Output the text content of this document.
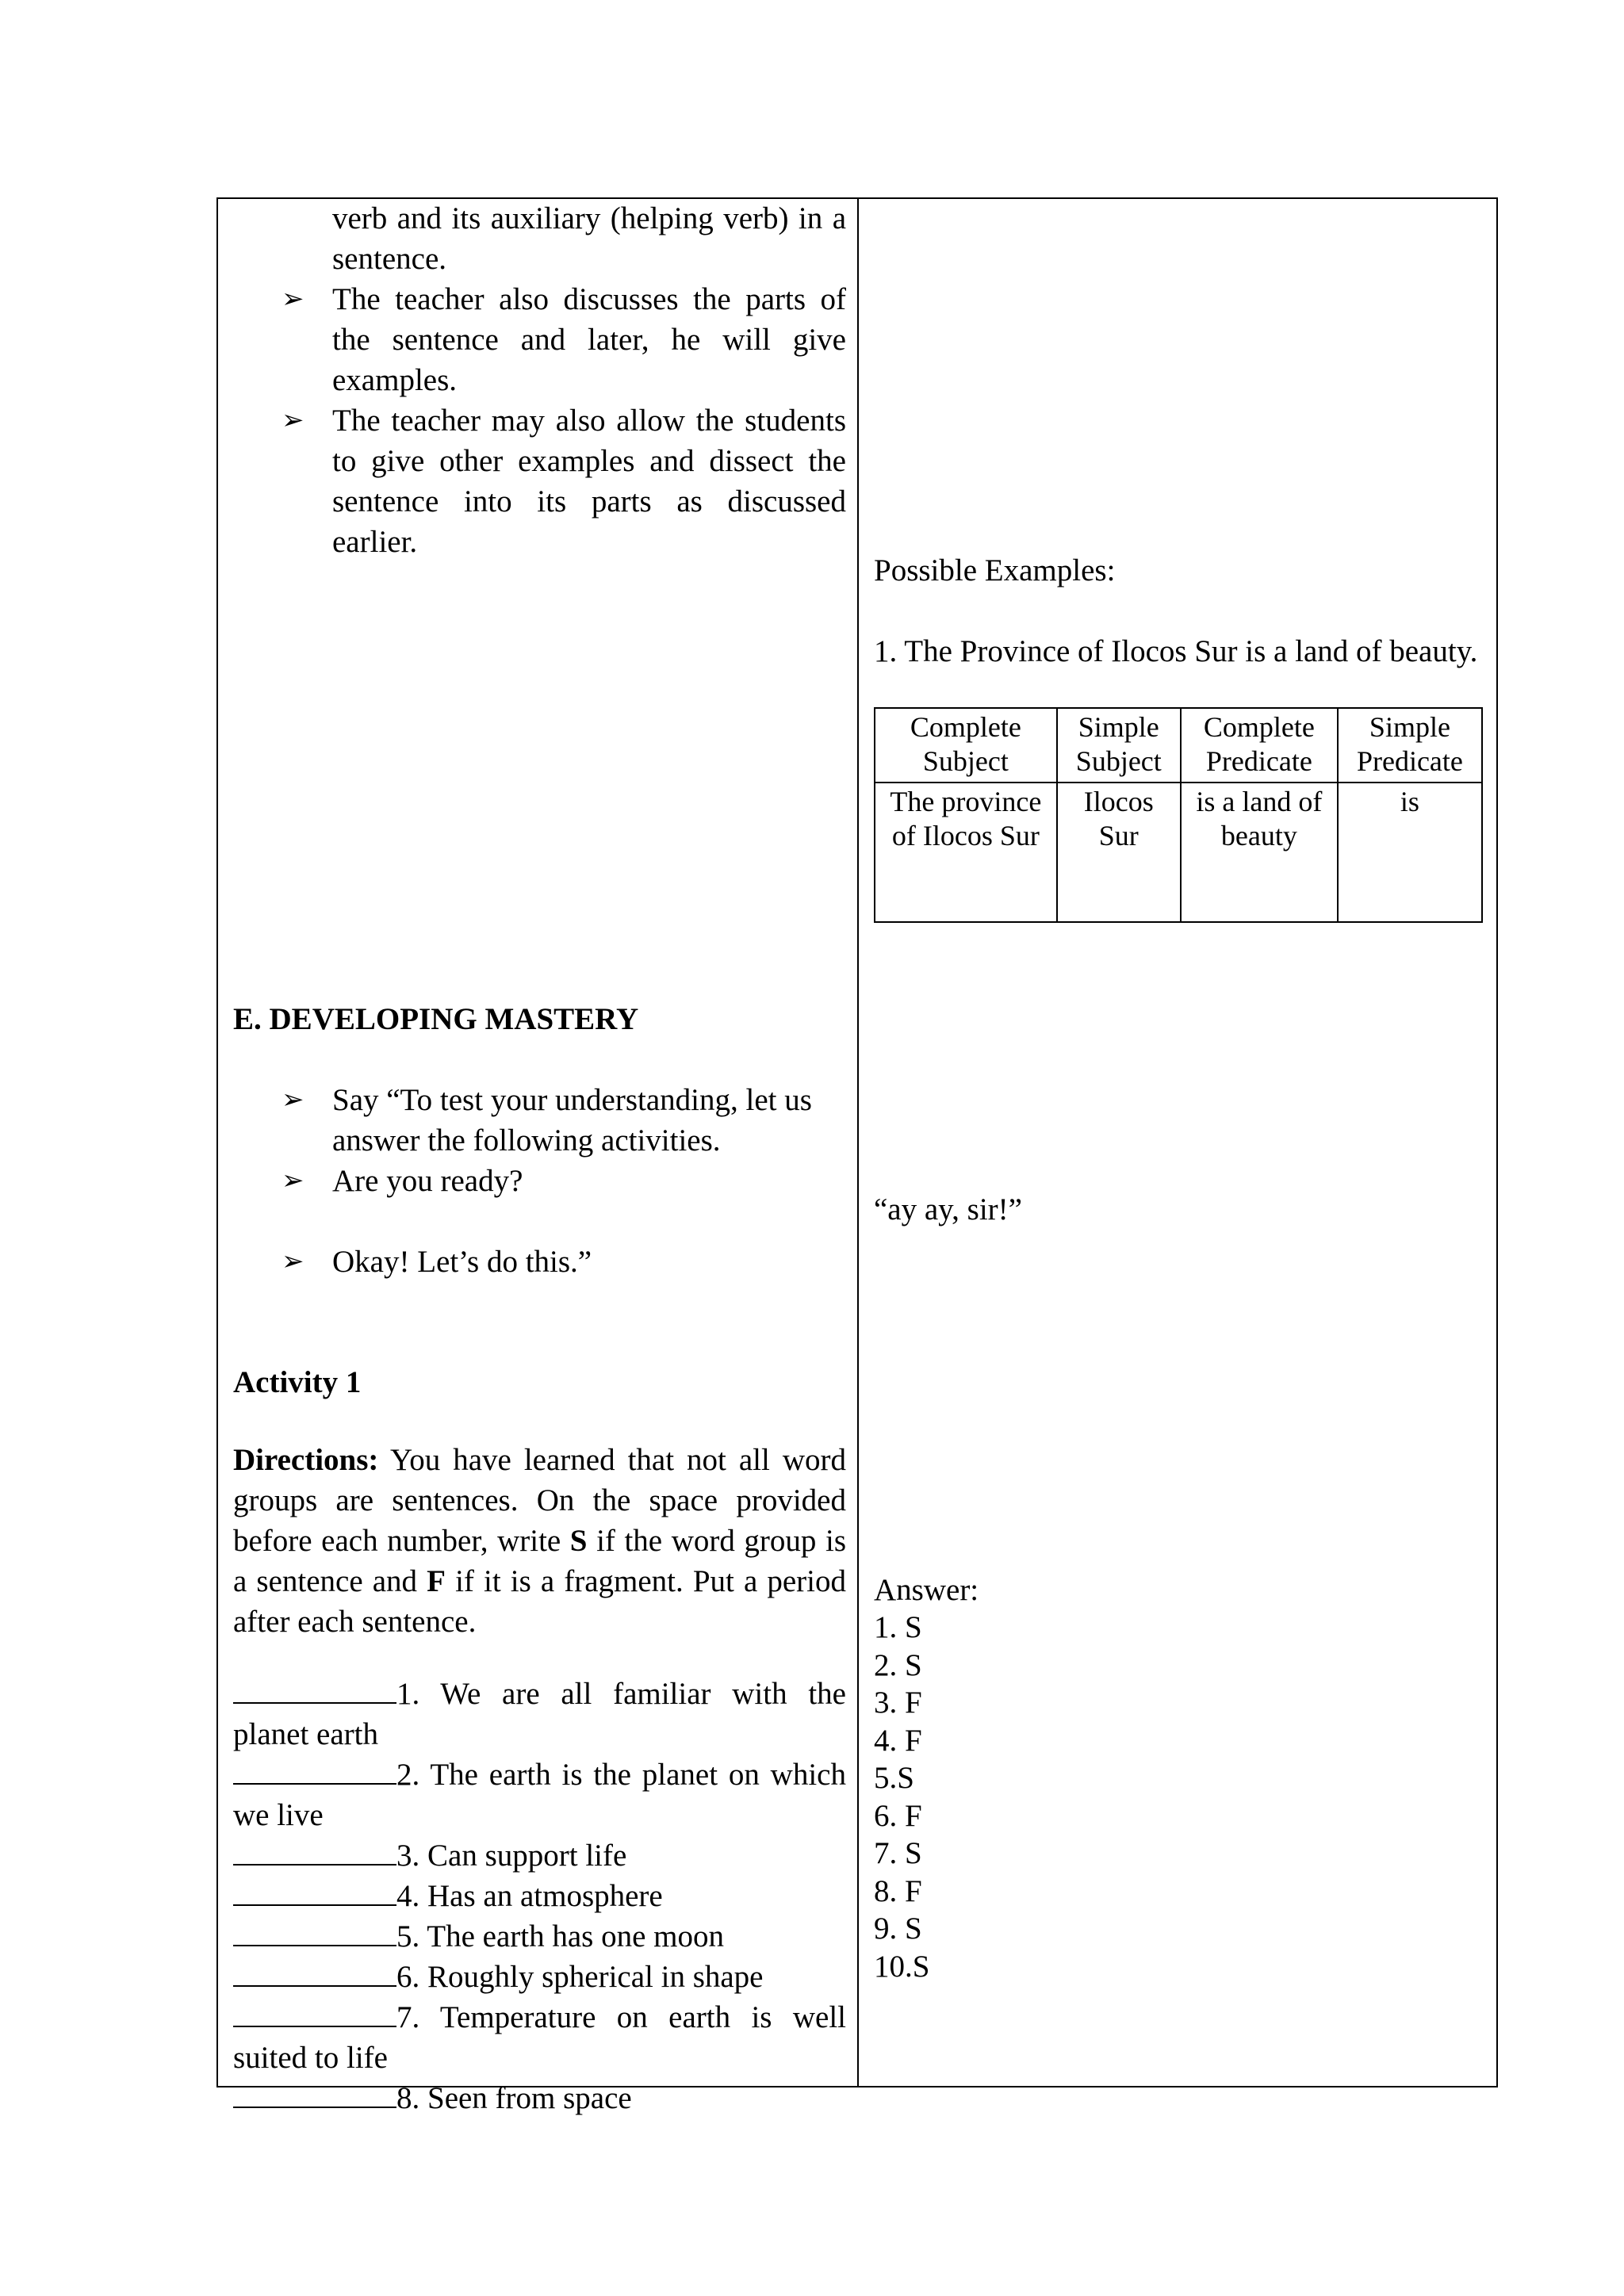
verb and its auxiliary (helping verb) in a sentence.

➢ The teacher also discusses the parts of the sentence and later, he will give examples.

➢ The teacher may also allow the students to give other examples and dissect the sentence into its parts as discussed earlier.

E. DEVELOPING MASTERY

➢ Say “To test your understanding, let us answer the following activities.

➢ Are you ready?

➢ Okay! Let’s do this.”

Activity 1

Directions: You have learned that not all word groups are sentences. On the space provided before each number, write S if the word group is a sentence and F if it is a fragment. Put a period after each sentence.

1. We are all familiar with the planet earth

2. The earth is the planet on which we live

3. Can support life

4. Has an atmosphere

5. The earth has one moon

6. Roughly spherical in shape

7. Temperature on earth is well suited to life

8. Seen from space

Possible Examples:

1. The Province of Ilocos Sur is a land of beauty.

Complete Subject	Simple Subject	Complete Predicate	Simple Predicate
The province of Ilocos Sur	Ilocos Sur	is a land of beauty	is

“ay ay, sir!”

Answer:

1. S
2. S
3. F
4. F
5.S
6. F
7. S
8. F
9. S
10.S
